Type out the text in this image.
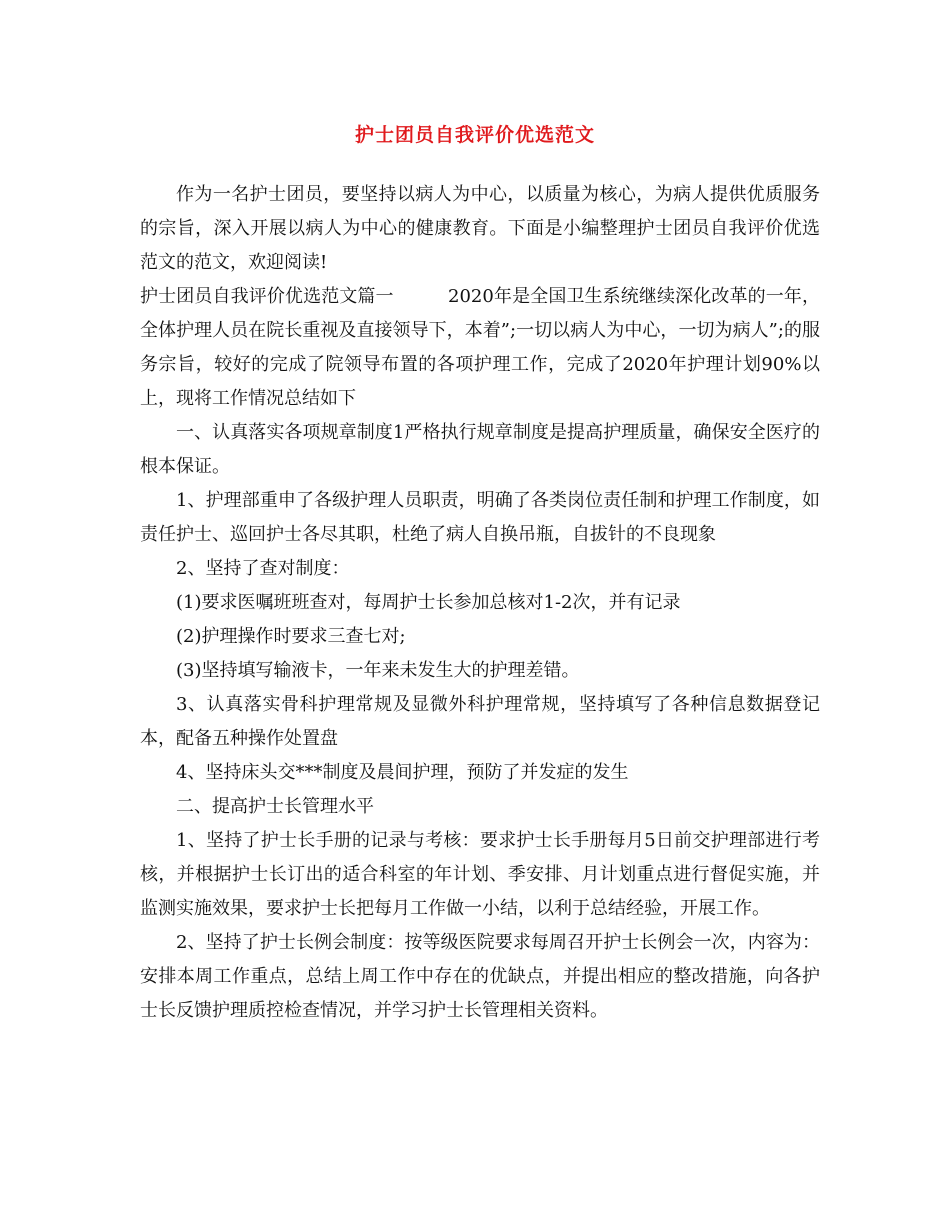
护士团员自我评价优选范文

作为一名护士团员，要坚持以病人为中心，以质量为核心，为病人提供优质服务的宗旨，深入开展以病人为中心的健康教育。下面是小编整理护士团员自我评价优选范文的范文，欢迎阅读!

护士团员自我评价优选范文篇一　　　2020年是全国卫生系统继续深化改革的一年，全体护理人员在院长重视及直接领导下，本着”;一切以病人为中心，一切为病人”;的服务宗旨，较好的完成了院领导布置的各项护理工作，完成了2020年护理计划90%以上，现将工作情况总结如下

一、认真落实各项规章制度1严格执行规章制度是提高护理质量，确保安全医疗的根本保证。

1、护理部重申了各级护理人员职责，明确了各类岗位责任制和护理工作制度，如责任护士、巡回护士各尽其职，杜绝了病人自换吊瓶，自拔针的不良现象

2、坚持了查对制度：

(1)要求医嘱班班查对，每周护士长参加总核对1-2次，并有记录

(2)护理操作时要求三查七对;

(3)坚持填写输液卡，一年来未发生大的护理差错。

3、认真落实骨科护理常规及显微外科护理常规，坚持填写了各种信息数据登记本，配备五种操作处置盘

4、坚持床头交***制度及晨间护理，预防了并发症的发生

二、提高护士长管理水平

1、坚持了护士长手册的记录与考核：要求护士长手册每月5日前交护理部进行考核，并根据护士长订出的适合科室的年计划、季安排、月计划重点进行督促实施，并监测实施效果，要求护士长把每月工作做一小结，以利于总结经验，开展工作。

2、坚持了护士长例会制度：按等级医院要求每周召开护士长例会一次，内容为：安排本周工作重点，总结上周工作中存在的优缺点，并提出相应的整改措施，向各护士长反馈护理质控检查情况，并学习护士长管理相关资料。
